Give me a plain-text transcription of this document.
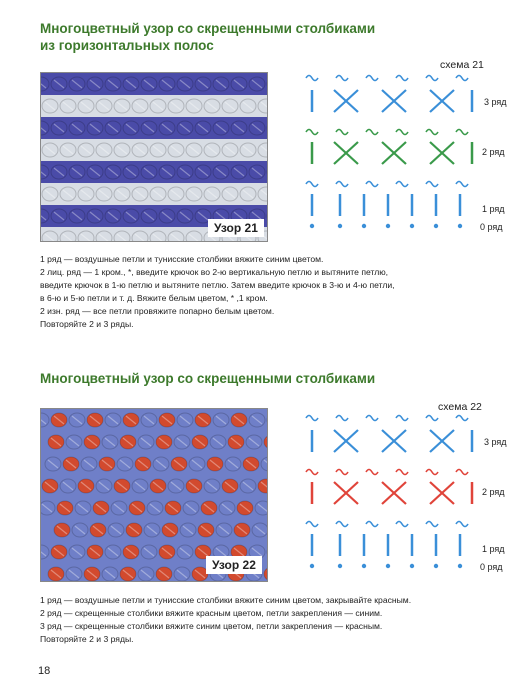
Многоцветный узор со скрещенными столбиками
из горизонтальных полос
Узор 21
схема 21
3 ряд
2 ряд
1 ряд
0 ряд

1 ряд — воздушные петли и тунисские столбики вяжите синим цветом.

2 лиц. ряд — 1 кром., *, введите крючок во 2-ю вертикальную петлю и вытяните петлю,

введите крючок в 1-ю петлю и вытяните петлю. Затем введите крючок в 3-ю и 4-ю петли,

в 6-ю и 5-ю петли и т. д. Вяжите белым цветом, * ,1 кром.

2 изн. ряд — все петли провяжите попарно белым цветом.

Повторяйте 2 и 3 ряды.

Многоцветный узор со скрещенными столбиками
Узор 22
схема 22
3 ряд
2 ряд
1 ряд
0 ряд

1 ряд — воздушные петли и тунисские столбики вяжите синим цветом, закрывайте красным.

2 ряд — скрещенные столбики вяжите красным цветом, петли закрепления — синим.

3 ряд — скрещенные столбики вяжите синим цветом, петли закрепления — красным.

Повторяйте 2 и 3 ряды.

18
